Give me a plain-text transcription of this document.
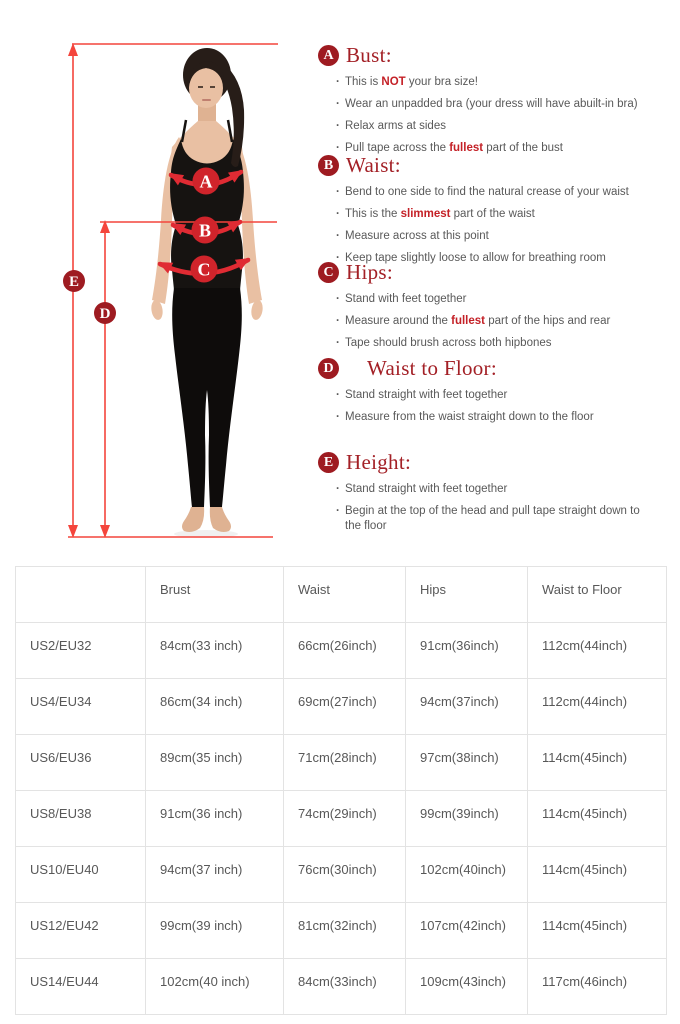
A
B
C
E
D
A Bust:
· This is NOT your bra size!
· Wear an unpadded bra (your dress will have abuilt-in bra)
· Relax arms at sides
· Pull tape across the fullest part of the bust
B Waist:
· Bend to one side to find the natural crease of your waist
· This is the slimmest part of the waist
· Measure across at this point
· Keep tape slightly loose to allow for breathing room
C Hips:
· Stand with feet together
· Measure around the fullest part of the hips and rear
· Tape should brush across both hipbones
D Waist to Floor:
· Stand straight with feet together
· Measure from the waist straight down to the floor
E Height:
· Stand straight with feet together
· Begin at the top of the head and pull tape straight down to the floor
	Brust	Waist	Hips	Waist to Floor
US2/EU32	84cm(33 inch)	66cm(26inch)	91cm(36inch)	112cm(44inch)
US4/EU34	86cm(34 inch)	69cm(27inch)	94cm(37inch)	112cm(44inch)
US6/EU36	89cm(35 inch)	71cm(28inch)	97cm(38inch)	114cm(45inch)
US8/EU38	91cm(36 inch)	74cm(29inch)	99cm(39inch)	114cm(45inch)
US10/EU40	94cm(37 inch)	76cm(30inch)	102cm(40inch)	114cm(45inch)
US12/EU42	99cm(39 inch)	81cm(32inch)	107cm(42inch)	114cm(45inch)
US14/EU44	102cm(40 inch)	84cm(33inch)	109cm(43inch)	117cm(46inch)
